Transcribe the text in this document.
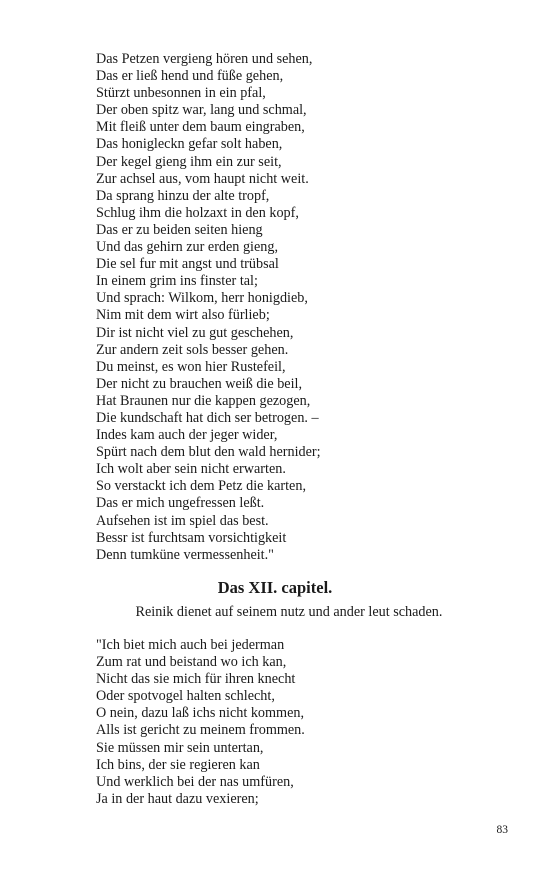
Das Petzen vergieng hören und sehen,
Das er ließ hend und füße gehen,
Stürzt unbesonnen in ein pfal,
Der oben spitz war, lang und schmal,
Mit fleiß unter dem baum eingraben,
Das honigleckn gefar solt haben,
Der kegel gieng ihm ein zur seit,
Zur achsel aus, vom haupt nicht weit.
Da sprang hinzu der alte tropf,
Schlug ihm die holzaxt in den kopf,
Das er zu beiden seiten hieng
Und das gehirn zur erden gieng,
Die sel fur mit angst und trübsal
In einem grim ins finster tal;
Und sprach: Wilkom, herr honigdieb,
Nim mit dem wirt also fürlieb;
Dir ist nicht viel zu gut geschehen,
Zur andern zeit sols besser gehen.
Du meinst, es won hier Rustefeil,
Der nicht zu brauchen weiß die beil,
Hat Braunen nur die kappen gezogen,
Die kundschaft hat dich ser betrogen. –
Indes kam auch der jeger wider,
Spürt nach dem blut den wald hernider;
Ich wolt aber sein nicht erwarten.
So verstackt ich dem Petz die karten,
Das er mich ungefressen leßt.
Aufsehen ist im spiel das best.
Bessr ist furchtsam vorsichtigkeit
Denn tumküne vermessenheit."
Das XII. capitel.
Reinik dienet auf seinem nutz und ander leut schaden.
"Ich biet mich auch bei jederman
Zum rat und beistand wo ich kan,
Nicht das sie mich für ihren knecht
Oder spotvogel halten schlecht,
O nein, dazu laß ichs nicht kommen,
Alls ist gericht zu meinem frommen.
Sie müssen mir sein untertan,
Ich bins, der sie regieren kan
Und werklich bei der nas umfüren,
Ja in der haut dazu vexieren;
83
